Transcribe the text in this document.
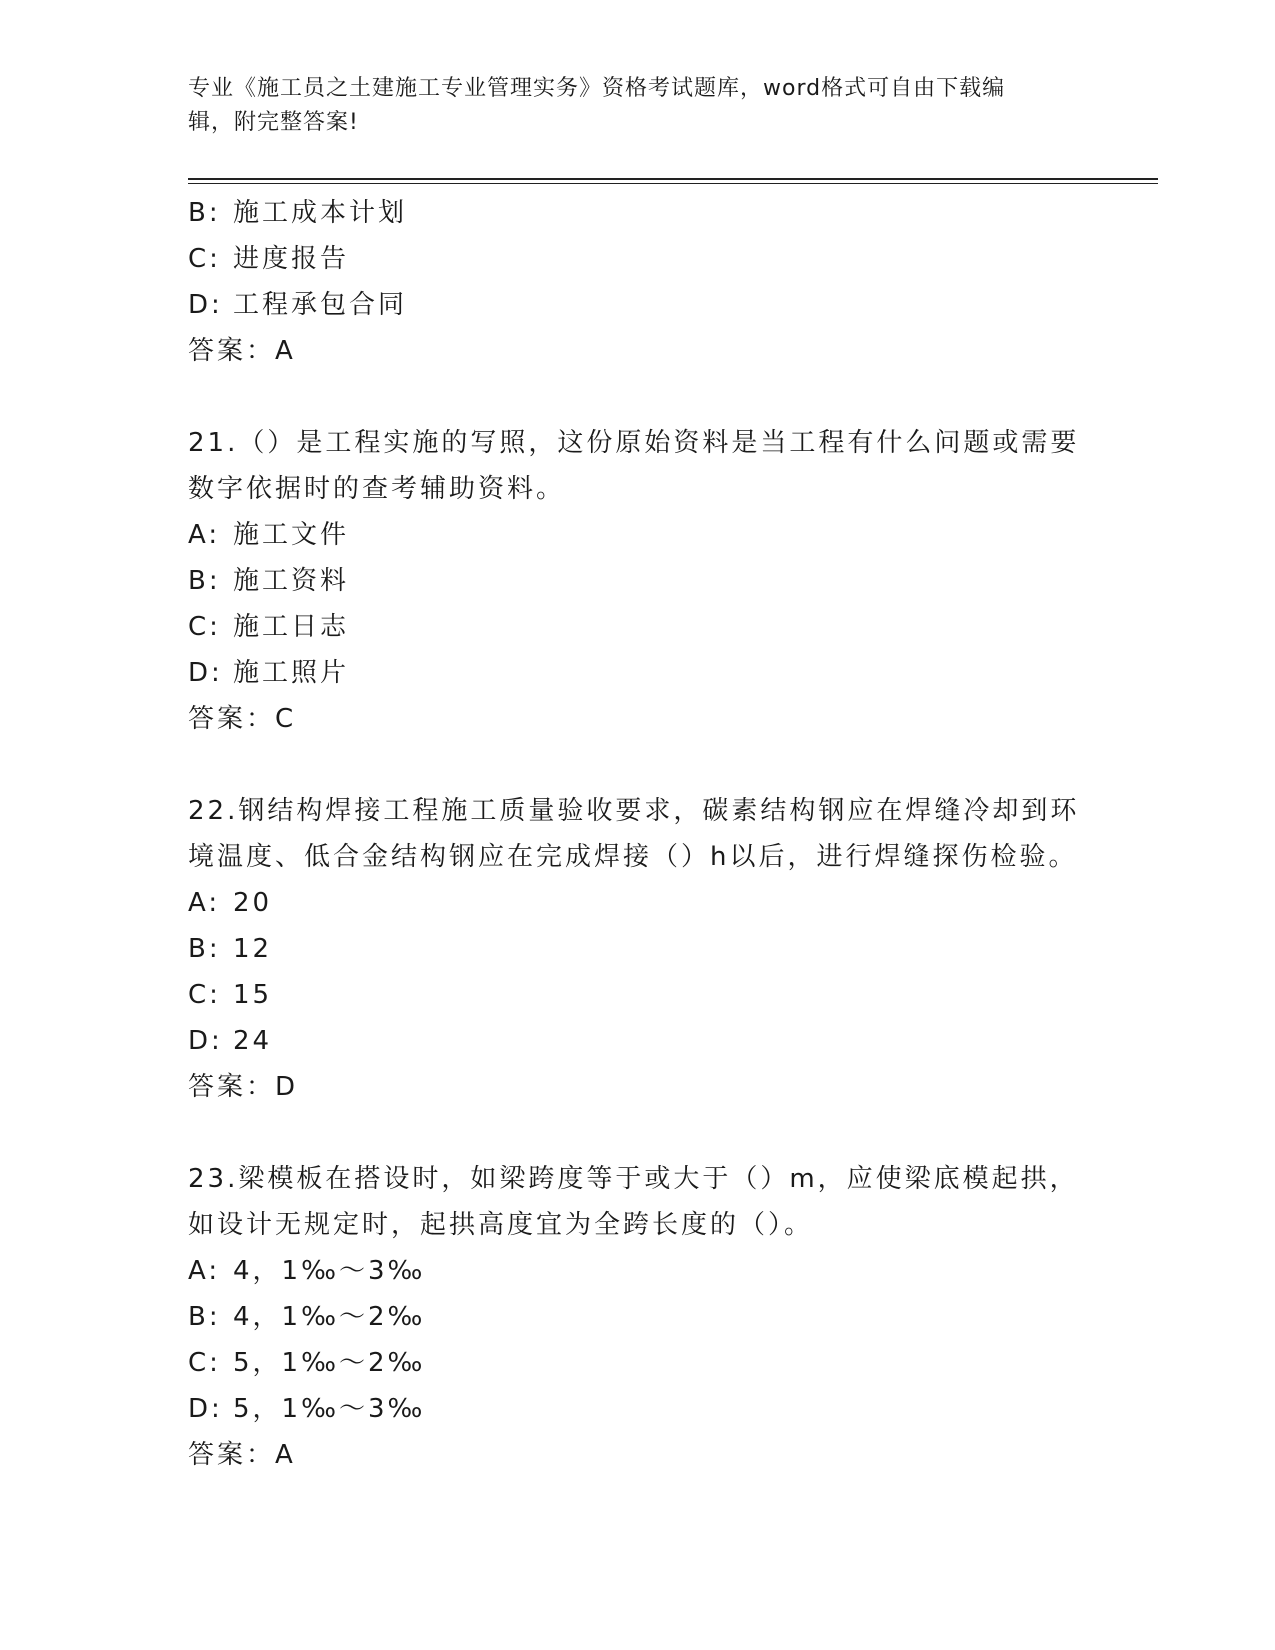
专业《施工员之土建施工专业管理实务》资格考试题库，word格式可自由下载编
辑，附完整答案!
B: 施工成本计划
C: 进度报告
D: 工程承包合同
答案：A
21.（）是工程实施的写照，这份原始资料是当工程有什么问题或需要
数字依据时的查考辅助资料。
A: 施工文件
B: 施工资料
C: 施工日志
D: 施工照片
答案：C
22.钢结构焊接工程施工质量验收要求，碳素结构钢应在焊缝冷却到环
境温度、低合金结构钢应在完成焊接（）h以后，进行焊缝探伤检验。
A: 20
B: 12
C: 15
D: 24
答案：D
23.梁模板在搭设时，如梁跨度等于或大于（）m，应使梁底模起拱，
如设计无规定时，起拱高度宜为全跨长度的（）。
A: 4，1‰～3‰
B: 4，1‰～2‰
C: 5，1‰～2‰
D: 5，1‰～3‰
答案：A
